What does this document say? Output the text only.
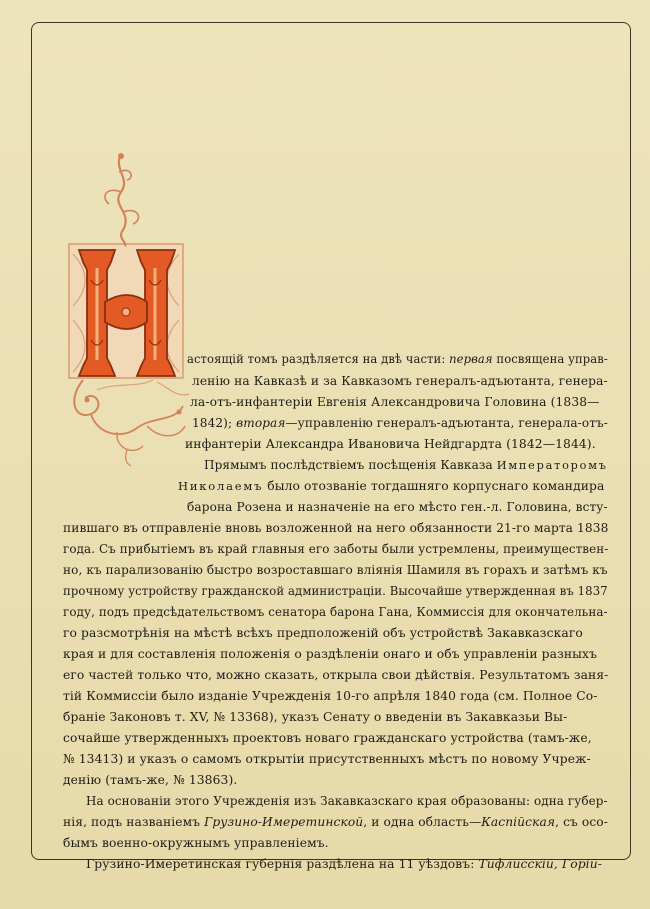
астоящій томъ раздѣляется на двѣ части: первая посвящена управ-
ленію на Кавказѣ и за Кавказомъ генералъ-адъютанта, генера-
ла-отъ-инфантеріи Евгенія Александровича Головина (1838—
1842); вторая—управленію генералъ-адъютанта, генерала-отъ-
инфантеріи Александра Ивановича Нейдгардта (1842—1844).
Прямымъ послѣдствіемъ посѣщенія Кавказа Императоромъ
Николаемъ было отозваніе тогдашняго корпуснаго командира
барона Розена и назначеніе на его мѣсто ген.-л. Головина, всту-
пившаго въ отправленіе вновь возложенной на него обязанности 21-го марта 1838
года. Съ прибытіемъ въ край главныя его заботы были устремлены, преимуществен-
но, къ парализованію быстро возроставшаго вліянія Шамиля въ горахъ и затѣмъ къ
прочному устройству гражданской администраціи. Высочайше утвержденная въ 1837
году, подъ предсѣдательствомъ сенатора барона Гана, Коммиссія для окончательна-
го разсмотрѣнія на мѣстѣ всѣхъ предположеній объ устройствѣ Закавказскаго
края и для составленія положенія о раздѣленіи онаго и объ управленіи разныхъ
его частей только что, можно сказать, открыла свои дѣйствія. Результатомъ заня-
тій Коммиссіи было изданіе Учрежденія 10-го апрѣля 1840 года (см. Полное Со-
браніе Законовъ т. XV, № 13368), указъ Сенату о введеніи въ Закавказьи Вы-
сочайше утвержденныхъ проектовъ новаго гражданскаго устройства (тамъ-же,
№ 13413) и указъ о самомъ открытіи присутственныхъ мѣстъ по новому Учреж-
денію (тамъ-же, № 13863).
На основаніи этого Учрежденія изъ Закавказскаго края образованы: одна губер-
нія, подъ названіемъ Грузино-Имеретинской, и одна область—Каспійская, съ осо-
бымъ военно-окружнымъ управленіемъ.
Грузино-Имеретинская губернія раздѣлена на 11 уѣздовъ: Тифлисскій, Горій-
